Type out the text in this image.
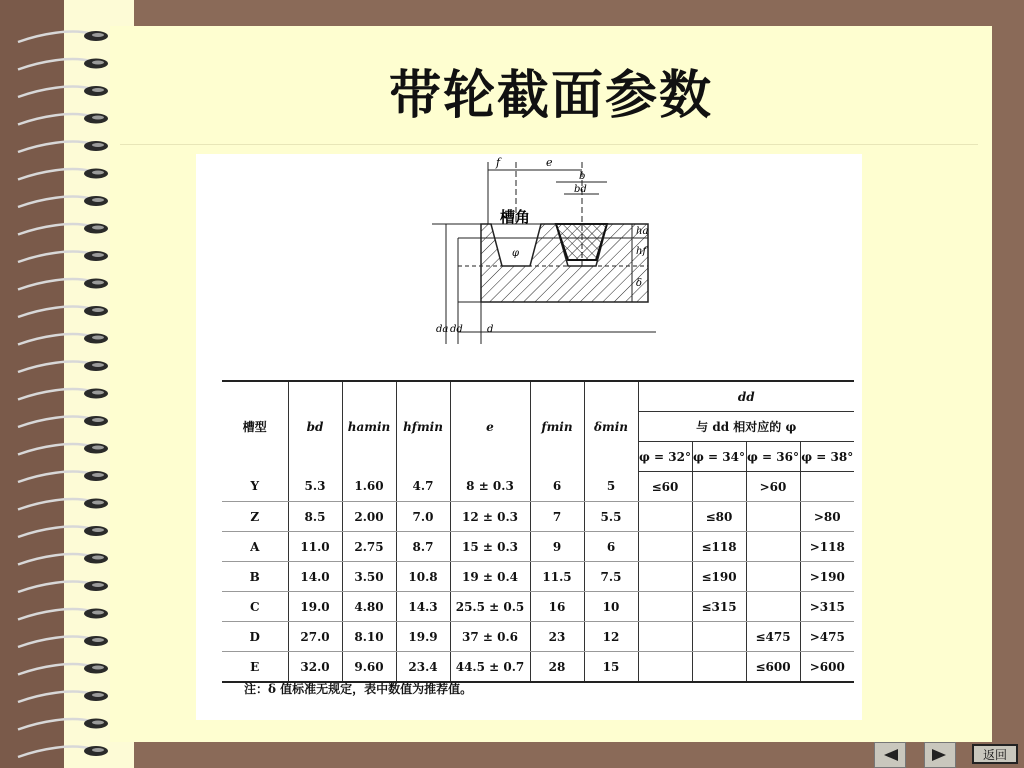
带轮截面参数
f	e
b
bd
ha
hf
δ
φ
da dd d
槽角
槽型	bd	hamin	hfmin	e	fmin	δmin	dd			
							与 dd 相对应的 φ			
							φ = 32°	φ = 34°	φ = 36°	φ = 38°
Y	5.3	1.60	4.7	8 ± 0.3	6	5	≤60		>60	
Z	8.5	2.00	7.0	12 ± 0.3	7	5.5		≤80		>80
A	11.0	2.75	8.7	15 ± 0.3	9	6		≤118		>118
B	14.0	3.50	10.8	19 ± 0.4	11.5	7.5		≤190		>190
C	19.0	4.80	14.3	25.5 ± 0.5	16	10		≤315		>315
D	27.0	8.10	19.9	37 ± 0.6	23	12			≤475	>475
E	32.0	9.60	23.4	44.5 ± 0.7	28	15			≤600	>600
注：δ 值标准无规定，表中数值为推荐值。
返回
